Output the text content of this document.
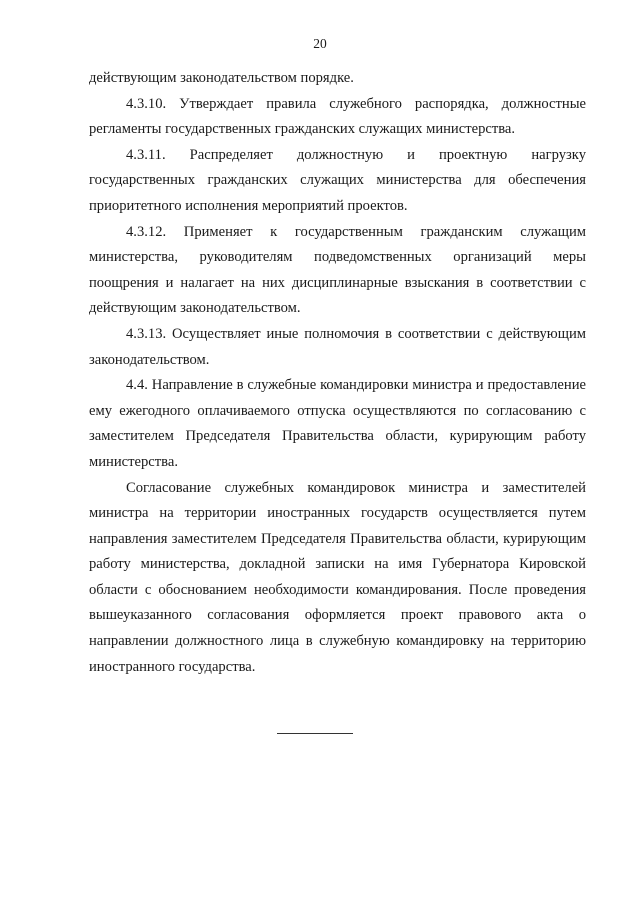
20

действующим законодательством порядке.

4.3.10. Утверждает правила служебного распорядка, должностные регламенты государственных гражданских служащих министерства.

4.3.11. Распределяет должностную и проектную нагрузку государственных гражданских служащих министерства для обеспечения приоритетного исполнения мероприятий проектов.

4.3.12. Применяет к государственным гражданским служащим министерства, руководителям подведомственных организаций меры поощрения и налагает на них дисциплинарные взыскания в соответствии с действующим законодательством.

4.3.13. Осуществляет иные полномочия в соответствии с действующим законодательством.

4.4. Направление в служебные командировки министра и предоставление ему ежегодного оплачиваемого отпуска осуществляются по согласованию с заместителем Председателя Правительства области, курирующим работу министерства.

Согласование служебных командировок министра и заместителей министра на территории иностранных государств осуществляется путем направления заместителем Председателя Правительства области, курирующим работу министерства, докладной записки на имя Губернатора Кировской области с обоснованием необходимости командирования. После проведения вышеуказанного согласования оформляется проект правового акта о направлении должностного лица в служебную командировку на территорию иностранного государства.
